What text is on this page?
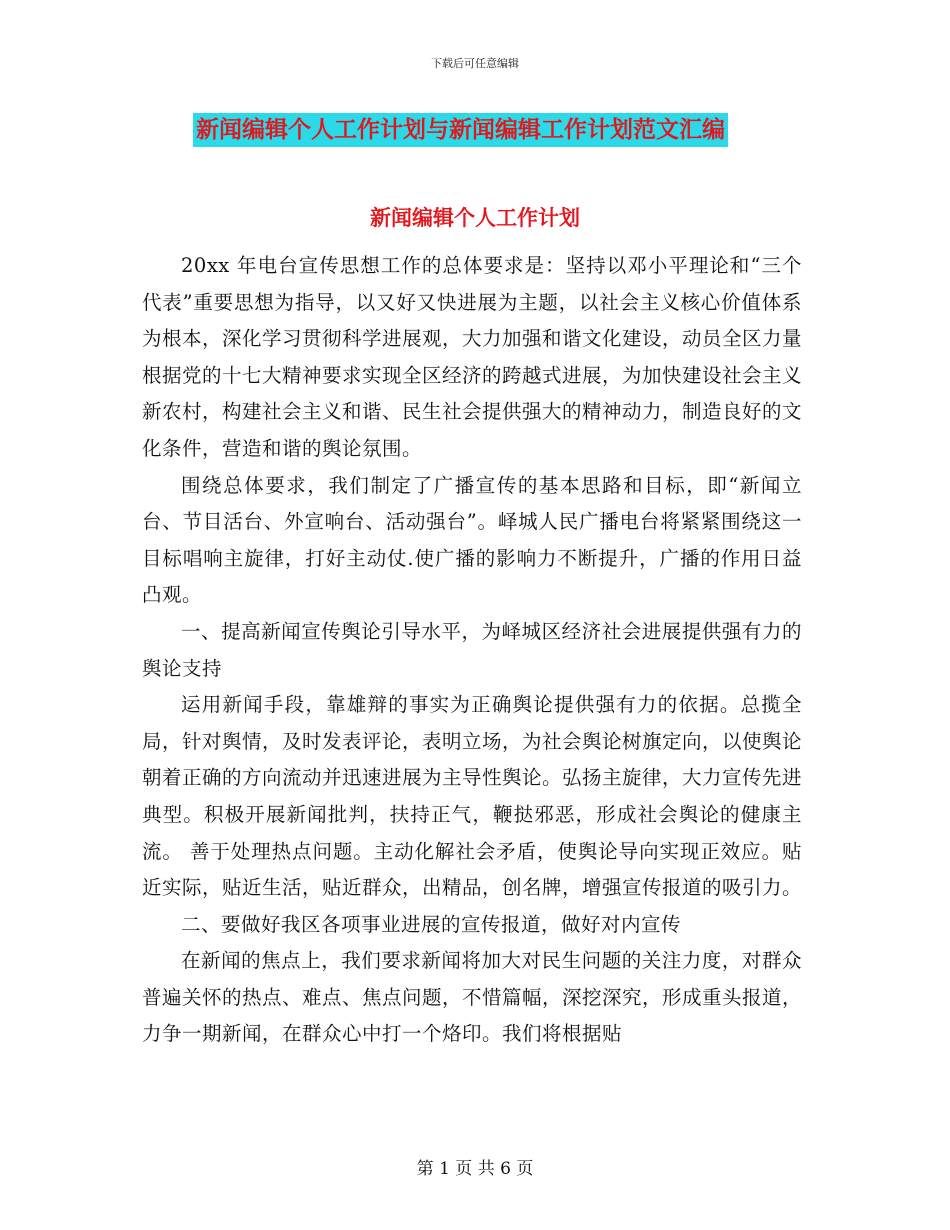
下载后可任意编辑
新闻编辑个人工作计划与新闻编辑工作计划范文汇编
新闻编辑个人工作计划

20xx 年电台宣传思想工作的总体要求是：坚持以邓小平理论和“三个代表”重要思想为指导，以又好又快进展为主题，以社会主义核心价值体系为根本，深化学习贯彻科学进展观，大力加强和谐文化建设，动员全区力量根据党的十七大精神要求实现全区经济的跨越式进展，为加快建设社会主义新农村，构建社会主义和谐、民生社会提供强大的精神动力，制造良好的文化条件，营造和谐的舆论氛围。

围绕总体要求，我们制定了广播宣传的基本思路和目标，即“新闻立台、节目活台、外宣响台、活动强台”。峄城人民广播电台将紧紧围绕这一目标唱响主旋律，打好主动仗.使广播的影响力不断提升，广播的作用日益凸观。

一、提高新闻宣传舆论引导水平，为峄城区经济社会进展提供强有力的舆论支持

运用新闻手段，靠雄辩的事实为正确舆论提供强有力的依据。总揽全局，针对舆情，及时发表评论，表明立场，为社会舆论树旗定向，以使舆论朝着正确的方向流动并迅速进展为主导性舆论。弘扬主旋律，大力宣传先进典型。积极开展新闻批判，扶持正气，鞭挞邪恶，形成社会舆论的健康主流。 善于处理热点问题。主动化解社会矛盾，使舆论导向实现正效应。贴近实际，贴近生活，贴近群众，出精品，创名牌，增强宣传报道的吸引力。

二、要做好我区各项事业进展的宣传报道，做好对内宣传

在新闻的焦点上，我们要求新闻将加大对民生问题的关注力度，对群众普遍关怀的热点、难点、焦点问题，不惜篇幅，深挖深究，形成重头报道，力争一期新闻，在群众心中打一个烙印。我们将根据贴

第 1 页 共 6 页
